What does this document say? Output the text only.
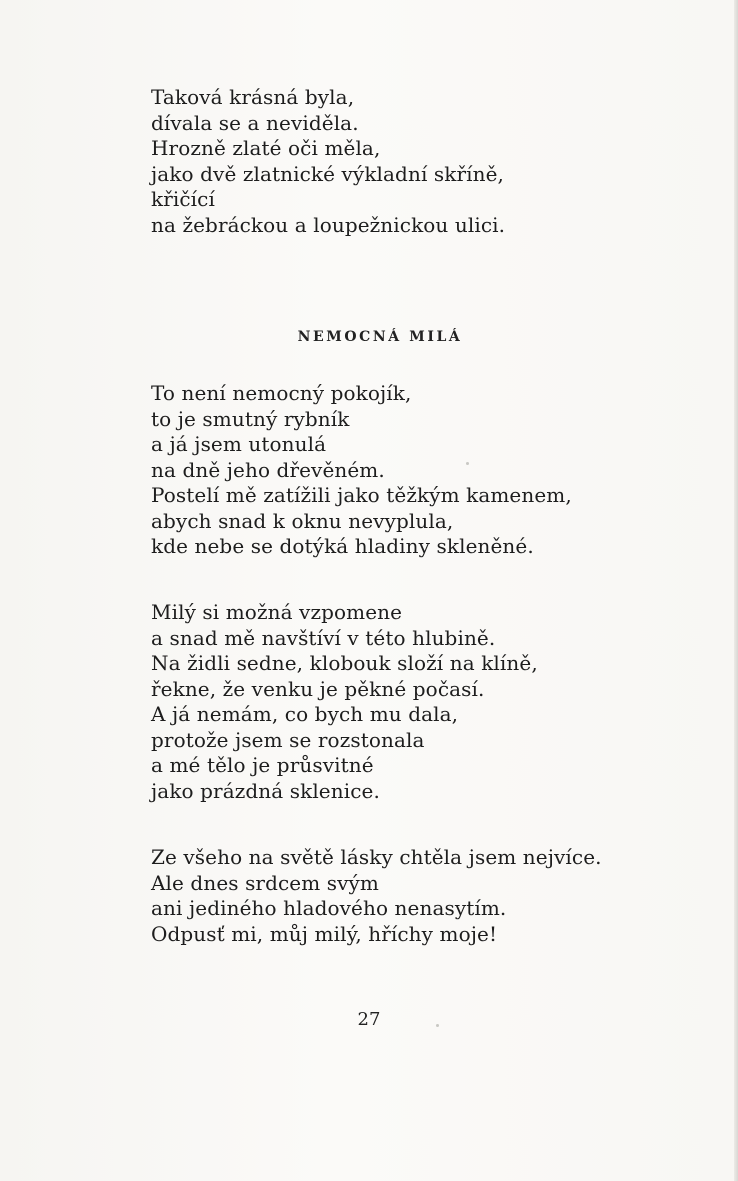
Taková krásná byla,
dívala se a neviděla.
Hrozně zlaté oči měla,
jako dvě zlatnické výkladní skříně,
křičící
na žebráckou a loupežnickou ulici.
NEMOCNÁ MILÁ
To není nemocný pokojík,
to je smutný rybník
a já jsem utonulá
na dně jeho dřevěném.
Postelí mě zatížili jako těžkým kamenem,
abych snad k oknu nevyplula,
kde nebe se dotýká hladiny skleněné.
Milý si možná vzpomene
a snad mě navštíví v této hlubině.
Na židli sedne, klobouk složí na klíně,
řekne, že venku je pěkné počasí.
A já nemám, co bych mu dala,
protože jsem se rozstonala
a mé tělo je průsvitné
jako prázdná sklenice.
Ze všeho na světě lásky chtěla jsem nejvíce.
Ale dnes srdcem svým
ani jediného hladového nenasytím.
Odpusť mi, můj milý, hříchy moje!
27
